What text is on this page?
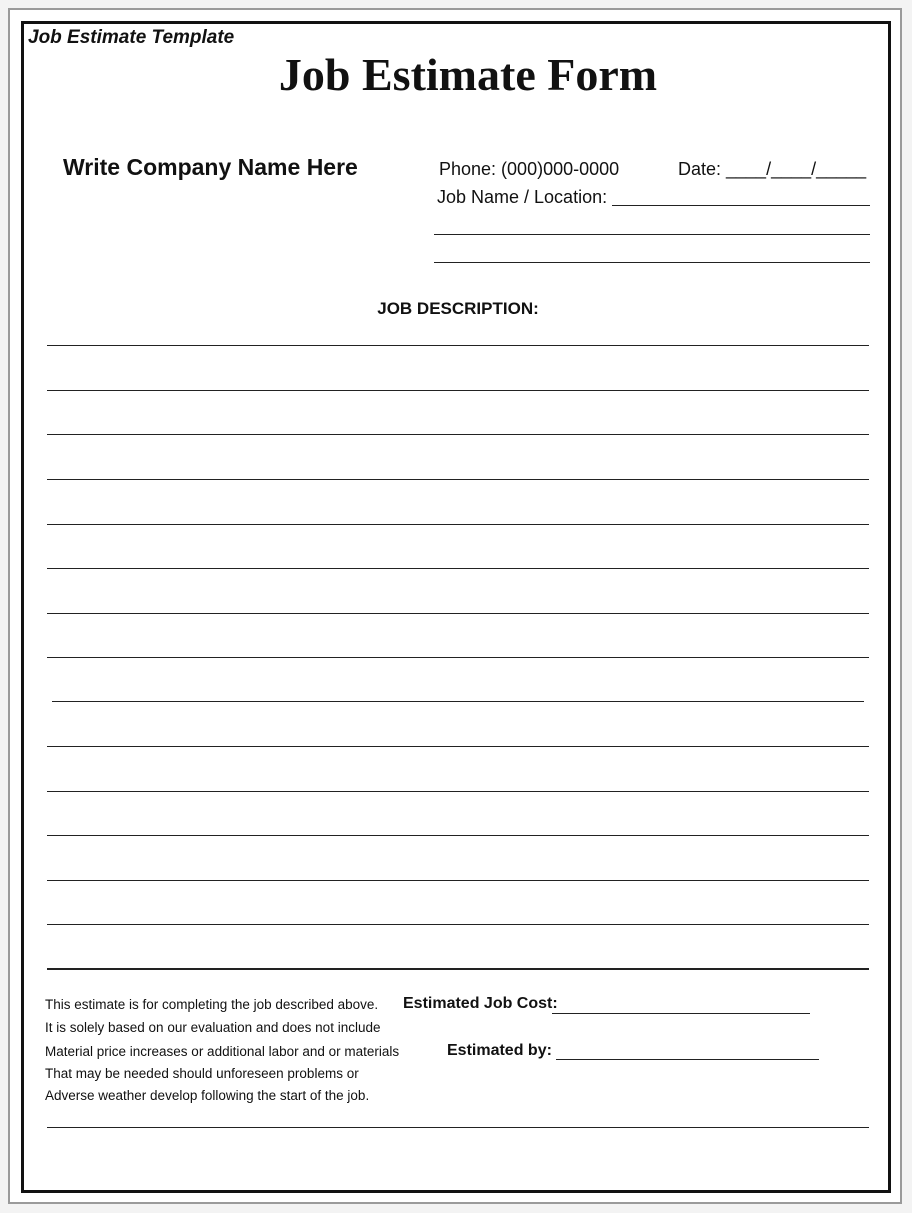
Job Estimate Template
Job Estimate Form
Write Company Name Here	Phone: (000)000-0000	Date: ____/____/_____
Job Name / Location:
JOB DESCRIPTION:
This estimate is for completing the job described above.
It is solely based on our evaluation and does not include
Material price increases or additional labor and or materials
That may be needed should unforeseen problems or
Adverse weather develop following the start of the job.
Estimated Job Cost:
Estimated by:
